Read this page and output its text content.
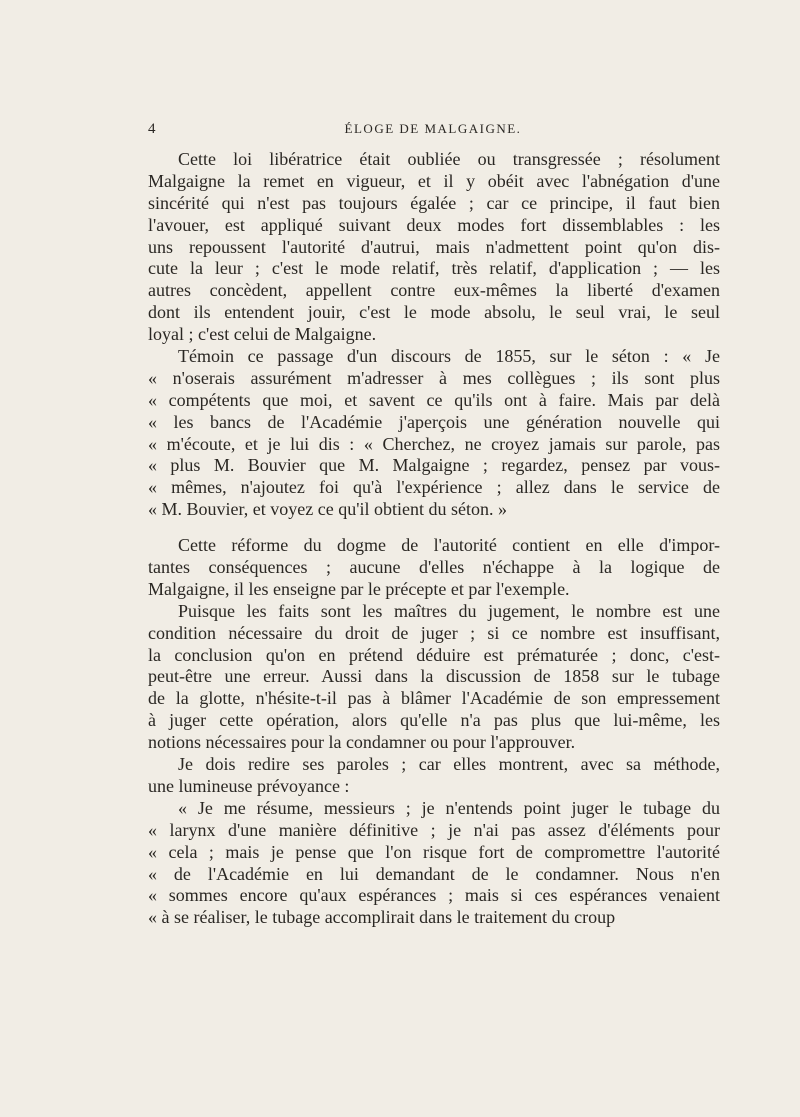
4	ÉLOGE DE MALGAIGNE.
Cette loi libératrice était oubliée ou transgressée ; résolument
Malgaigne la remet en vigueur, et il y obéit avec l'abnégation d'une
sincérité qui n'est pas toujours égalée ; car ce principe, il faut bien
l'avouer, est appliqué suivant deux modes fort dissemblables : les
uns repoussent l'autorité d'autrui, mais n'admettent point qu'on dis-
cute la leur ; c'est le mode relatif, très relatif, d'application ; — les
autres concèdent, appellent contre eux-mêmes la liberté d'examen
dont ils entendent jouir, c'est le mode absolu, le seul vrai, le seul
loyal ; c'est celui de Malgaigne.
Témoin ce passage d'un discours de 1855, sur le séton : « Je
« n'oserais assurément m'adresser à mes collègues ; ils sont plus
« compétents que moi, et savent ce qu'ils ont à faire. Mais par delà
« les bancs de l'Académie j'aperçois une génération nouvelle qui
« m'écoute, et je lui dis : « Cherchez, ne croyez jamais sur parole, pas
« plus M. Bouvier que M. Malgaigne ; regardez, pensez par vous-
« mêmes, n'ajoutez foi qu'à l'expérience ; allez dans le service de
« M. Bouvier, et voyez ce qu'il obtient du séton. »
Cette réforme du dogme de l'autorité contient en elle d'impor-
tantes conséquences ; aucune d'elles n'échappe à la logique de
Malgaigne, il les enseigne par le précepte et par l'exemple.
Puisque les faits sont les maîtres du jugement, le nombre est une
condition nécessaire du droit de juger ; si ce nombre est insuffisant,
la conclusion qu'on en prétend déduire est prématurée ; donc, c'est-
peut-être une erreur. Aussi dans la discussion de 1858 sur le tubage
de la glotte, n'hésite-t-il pas à blâmer l'Académie de son empressement
à juger cette opération, alors qu'elle n'a pas plus que lui-même, les
notions nécessaires pour la condamner ou pour l'approuver.
Je dois redire ses paroles ; car elles montrent, avec sa méthode,
une lumineuse prévoyance :
« Je me résume, messieurs ; je n'entends point juger le tubage du
« larynx d'une manière définitive ; je n'ai pas assez d'éléments pour
« cela ; mais je pense que l'on risque fort de compromettre l'autorité
« de l'Académie en lui demandant de le condamner. Nous n'en
« sommes encore qu'aux espérances ; mais si ces espérances venaient
« à se réaliser, le tubage accomplirait dans le traitement du croup
